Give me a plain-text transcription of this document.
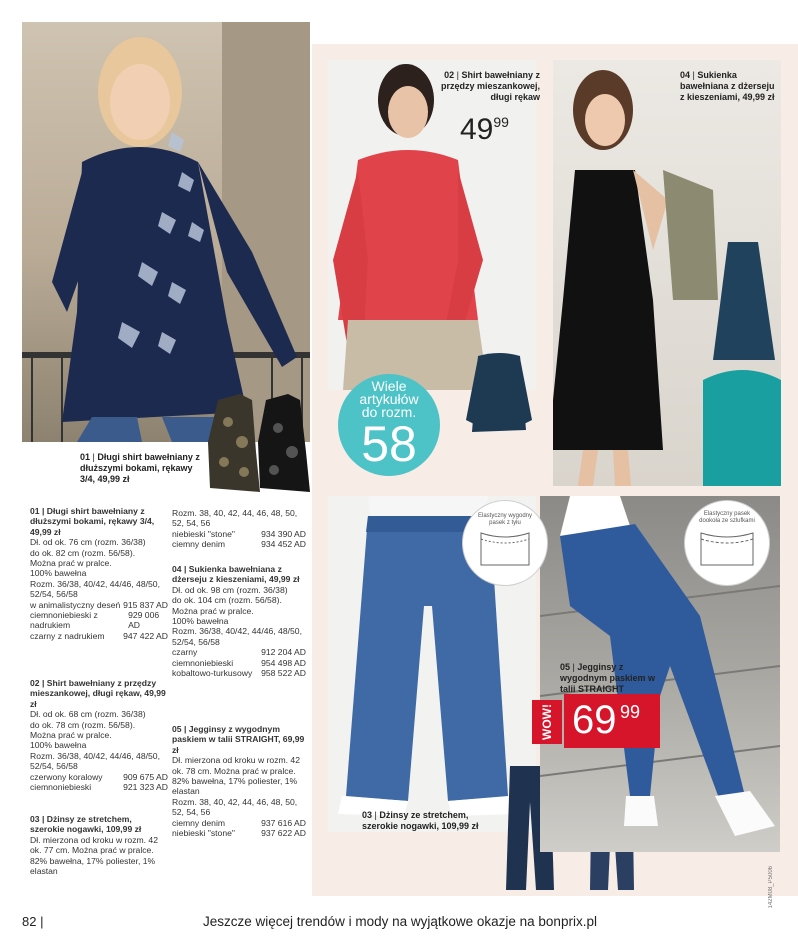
Wiele
artykułów
do rozm.
58
Elastyczny wygodny pasek z tyłu
Elastyczny pasek dookoła ze szlufkami
69 99
WOW!
4999
02 | Shirt bawełniany z przędzy mieszankowej, długi rękaw
04 | Sukienka bawełniana z dżerseju z kieszeniami, 49,99 zł
01 | Długi shirt bawełniany z dłuższymi bokami, rękawy 3/4, 49,99 zł
05 | Jegginsy z wygodnym paskiem w talii STRAIGHT
03 | Dżinsy ze stretchem, szerokie nogawki, 109,99 zł
01 | Długi shirt bawełniany z dłuższymi bokami, rękawy 3/4, 49,99 zł
Dł. od ok. 76 cm (rozm. 36/38)
do ok. 82 cm (rozm. 56/58).
Można prać w pralce.
100% bawełna
Rozm. 36/38, 40/42, 44/46, 48/50, 52/54, 56/58
w animalistyczny deseń 915 837 AD
ciemnoniebieski z nadrukiem
929 006 AD
czarny z nadrukiem 947 422 AD
02 | Shirt bawełniany z przędzy mieszankowej, długi rękaw, 49,99 zł
Dł. od ok. 68 cm (rozm. 36/38)
do ok. 78 cm (rozm. 56/58).
Można prać w pralce.
100% bawełna
Rozm. 36/38, 40/42, 44/46, 48/50, 52/54, 56/58
czerwony koralowy 909 675 AD
ciemnoniebieski	921 323 AD
03 | Dżinsy ze stretchem, szerokie nogawki, 109,99 zł
Dł. mierzona od kroku w rozm. 42 ok. 77 cm. Można prać w pralce.
82% bawełna, 17% poliester, 1% elastan
Rozm. 38, 40, 42, 44, 46, 48, 50, 52, 54, 56
niebieski "stone"	934 390 AD
ciemny denim	934 452 AD
04 | Sukienka bawełniana z dżerseju z kieszeniami, 49,99 zł
Dł. od ok. 98 cm (rozm. 36/38)
do ok. 104 cm (rozm. 56/58).
Można prać w pralce.
100% bawełna
Rozm. 36/38, 40/42, 44/46, 48/50, 52/54, 56/58
czarny	912 204 AD
ciemnoniebieski	954 498 AD
kobaltowo-turkusowy 958 522 AD
05 | Jegginsy z wygodnym paskiem w talii STRAIGHT, 69,99 zł
Dł. mierzona od kroku w rozm. 42 ok. 78 cm. Można prać w pralce.
82% bawełna, 17% poliester, 1% elastan
Rozm. 38, 40, 42, 44, 46, 48, 50, 52, 54, 56
ciemny denim	937 616 AD
niebieski "stone"	937 622 AD
142M08_P5006
82 |	Jeszcze więcej trendów i mody na wyjątkowe okazje na bonprix.pl
